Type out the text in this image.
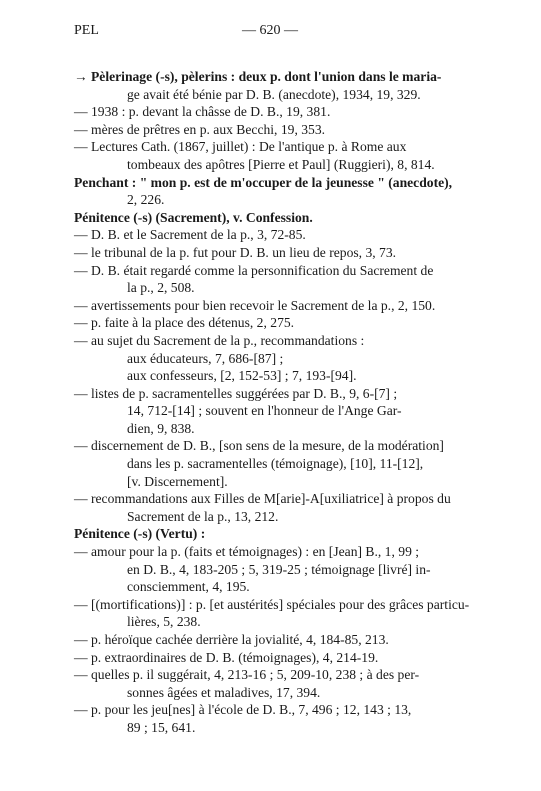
PEL	— 620 —
→ Pèlerinage (-s), pèlerins : deux p. dont l'union dans le maria-
ge avait été bénie par D. B. (anecdote), 1934, 19, 329.
— 1938 : p. devant la châsse de D. B., 19, 381.
— mères de prêtres en p. aux Becchi, 19, 353.
— Lectures Cath. (1867, juillet) : De l'antique p. à Rome aux
tombeaux des apôtres [Pierre et Paul] (Ruggieri), 8, 814.
Penchant : " mon p. est de m'occuper de la jeunesse " (anecdote),
2, 226.
Pénitence (-s) (Sacrement), v. Confession.
— D. B. et le Sacrement de la p., 3, 72-85.
— le tribunal de la p. fut pour D. B. un lieu de repos, 3, 73.
— D. B. était regardé comme la personnification du Sacrement de
la p., 2, 508.
— avertissements pour bien recevoir le Sacrement de la p., 2, 150.
— p. faite à la place des détenus, 2, 275.
— au sujet du Sacrement de la p., recommandations :
aux éducateurs, 7, 686-[87] ;
aux confesseurs, [2, 152-53] ; 7, 193-[94].
— listes de p. sacramentelles suggérées par D. B., 9, 6-[7] ;
14, 712-[14] ; souvent en l'honneur de l'Ange Gar-
dien, 9, 838.
— discernement de D. B., [son sens de la mesure, de la modération]
dans les p. sacramentelles (témoignage), [10], 11-[12],
[v. Discernement].
— recommandations aux Filles de M[arie]-A[uxiliatrice] à propos du
Sacrement de la p., 13, 212.
Pénitence (-s) (Vertu) :
— amour pour la p. (faits et témoignages) : en [Jean] B., 1, 99 ;
en D. B., 4, 183-205 ; 5, 319-25 ; témoignage [livré] in-
consciemment, 4, 195.
— [(mortifications)] : p. [et austérités] spéciales pour des grâces particu-
lières, 5, 238.
— p. héroïque cachée derrière la jovialité, 4, 184-85, 213.
— p. extraordinaires de D. B. (témoignages), 4, 214-19.
— quelles p. il suggérait, 4, 213-16 ; 5, 209-10, 238 ; à des per-
sonnes âgées et maladives, 17, 394.
— p. pour les jeu[nes] à l'école de D. B., 7, 496 ; 12, 143 ; 13,
89 ; 15, 641.
